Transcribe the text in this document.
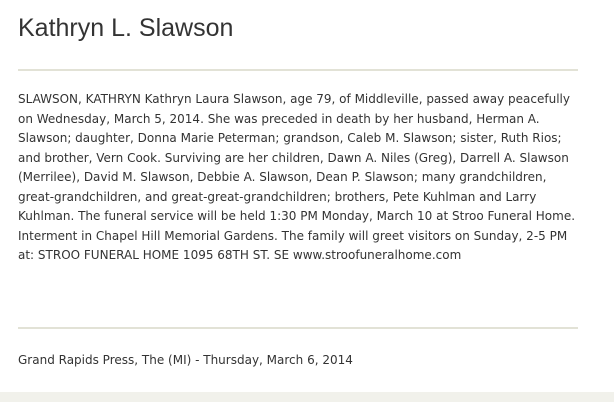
Kathryn L. Slawson

SLAWSON, KATHRYN Kathryn Laura Slawson, age 79, of Middleville, passed away peacefully on Wednesday, March 5, 2014. She was preceded in death by her husband, Herman A. Slawson; daughter, Donna Marie Peterman; grandson, Caleb M. Slawson; sister, Ruth Rios; and brother, Vern Cook. Surviving are her children, Dawn A. Niles (Greg), Darrell A. Slawson (Merrilee), David M. Slawson, Debbie A. Slawson, Dean P. Slawson; many grandchildren, great-grandchildren, and great-great-grandchildren; brothers, Pete Kuhlman and Larry Kuhlman. The funeral service will be held 1:30 PM Monday, March 10 at Stroo Funeral Home. Interment in Chapel Hill Memorial Gardens. The family will greet visitors on Sunday, 2-5 PM at: STROO FUNERAL HOME 1095 68TH ST. SE www.stroofuneralhome.com

Grand Rapids Press, The (MI) - Thursday, March 6, 2014
